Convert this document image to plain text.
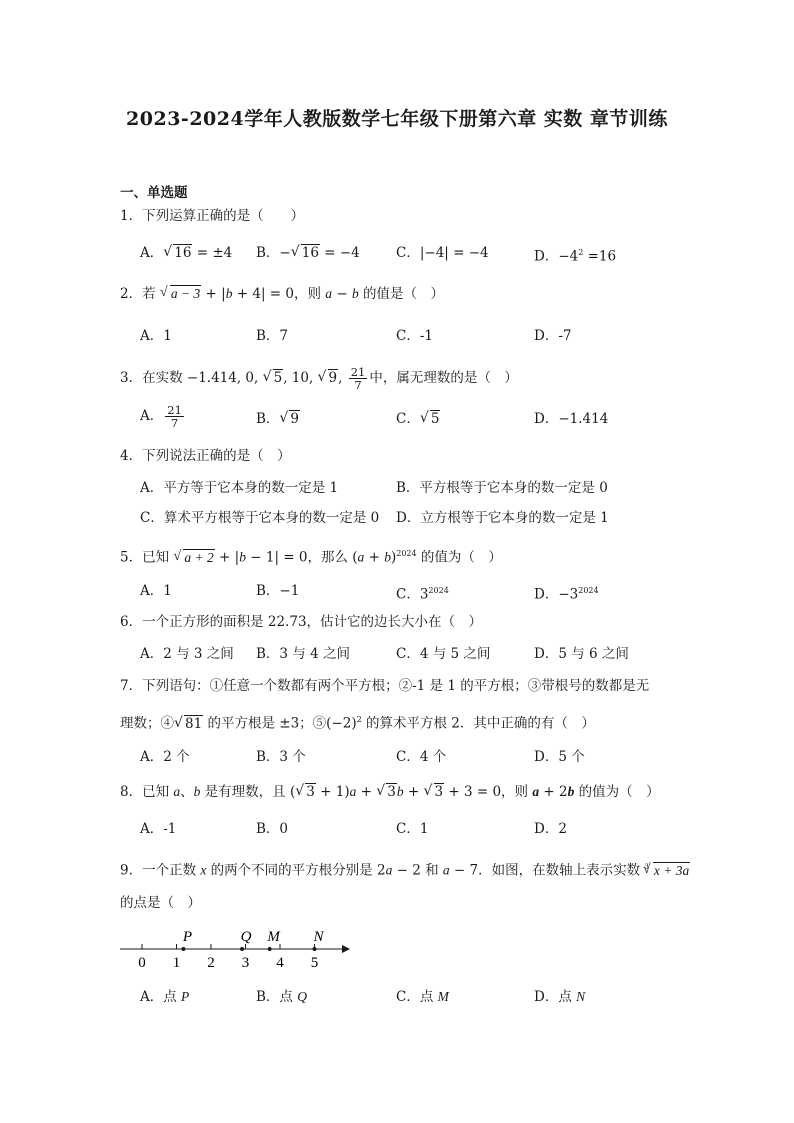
2023-2024学年人教版数学七年级下册第六章 实数 章节训练
一、单选题
1．下列运算正确的是（　　）
A． √ 16 = ±4 B．− √ 16 = −4	C．|−4| = −4	D．$-4^2 =16$
2．若 √ a − 3 + |b + 4| = 0，则 a − b 的值是（　）
A．1	B．7	C．-1	D．-7
3．在实数 −1.414, 0, √ 5, 10, √ 9, $\frac{21}{7}$ 中，属无理数的是（　）
A． $\frac{21}{7}$	B． √ 9	C． √ 5	D．−1.414
4．下列说法正确的是（　）
A．平方等于它本身的数一定是 1	B．平方根等于它本身的数一定是 0
C．算术平方根等于它本身的数一定是 0 D．立方根等于它本身的数一定是 1
5．已知 √ a + 2 + |b − 1| = 0，那么 $(a + b)^{2024}$ 的值为（　）
A．1	B．−1	C．$3^{2024}$	D．$-3^{2024}$
6．一个正方形的面积是 22.73，估计它的边长大小在（　）
A．2 与 3 之间 B．3 与 4 之间	C．4 与 5 之间	D．5 与 6 之间
7．下列语句：①任意一个数都有两个平方根；②-1 是 1 的平方根；③带根号的数都是无
理数；④ √ 81 的平方根是 ±3；$⑤(-2)^2$ 的算术平方根 2．其中正确的有（　）
A．2 个	B．3 个	C．4 个	D．5 个
8．已知 a、b 是有理数，且 ( √ 3 + 1)a + √ 3b + √ 3 + 3 = 0，则 a + 2b 的值为（　）
A．-1	B．0	C．1	D．2
9．一个正数 x 的两个不同的平方根分别是 2a − 2 和 a − 7．如图，在数轴上表示实数 $^3$ √ x + 3a
的点是（　）
0 1 2 3 4 5
P	Q M N
A．点 P	B．点 Q	C．点 M	D．点 N
